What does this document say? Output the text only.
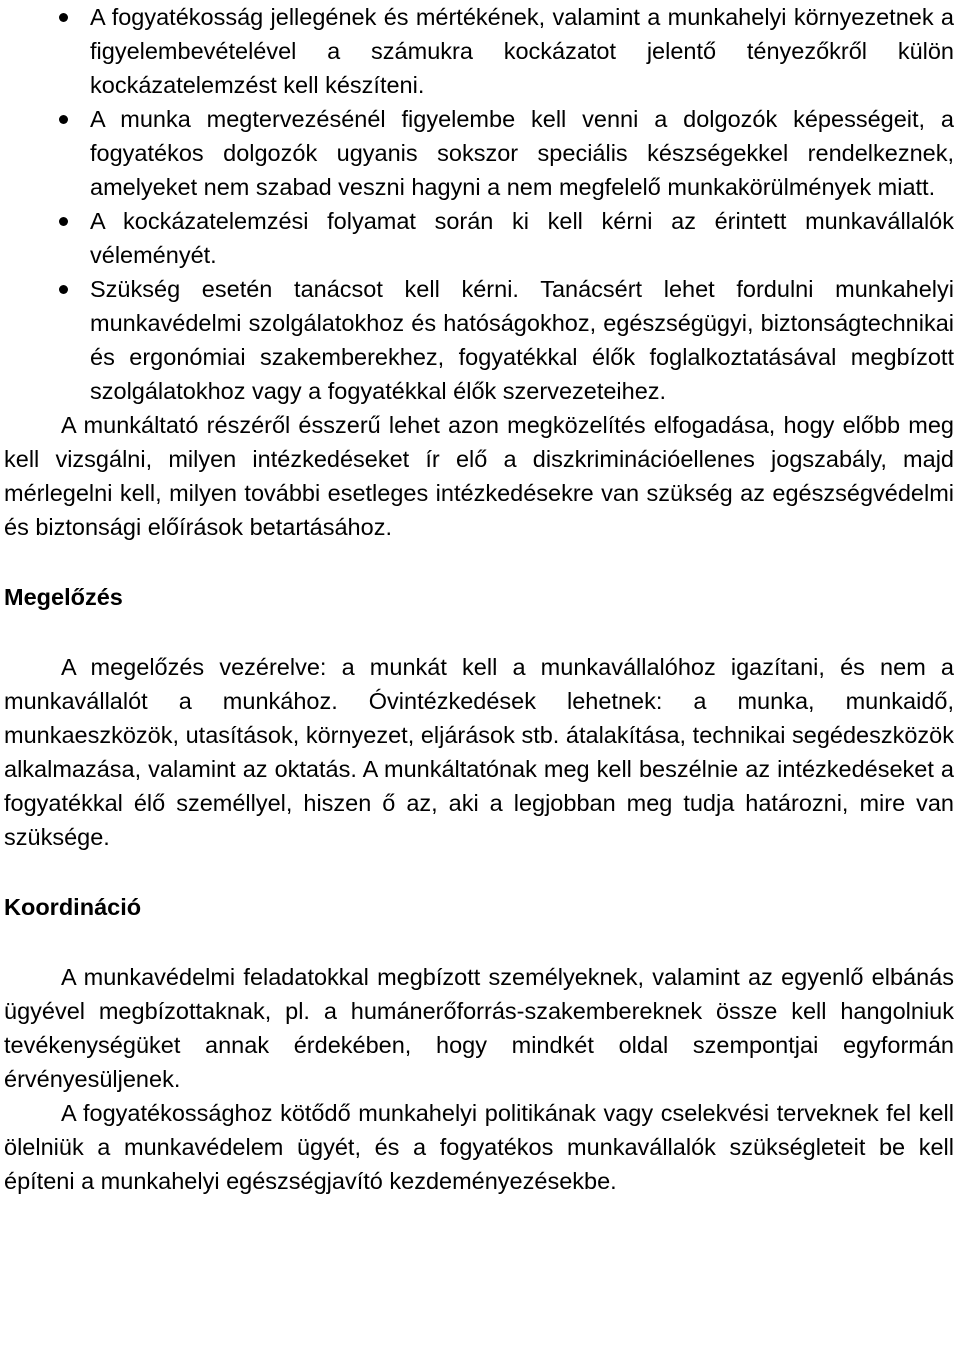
A fogyatékosság jellegének és mértékének, valamint a munkahelyi környezetnek a figyelembevételével a számukra kockázatot jelentő tényezőkről külön kockázatelemzést kell készíteni.

A munka megtervezésénél figyelembe kell venni a dolgozók képességeit, a fogyatékos dolgozók ugyanis sokszor speciális készségekkel rendelkeznek, amelyeket nem szabad veszni hagyni a nem megfelelő munkakörülmények miatt.

A kockázatelemzési folyamat során ki kell kérni az érintett munkavállalók véleményét.

Szükség esetén tanácsot kell kérni. Tanácsért lehet fordulni munkahelyi munkavédelmi szolgálatokhoz és hatóságokhoz, egészségügyi, biztonságtechnikai és ergonómiai szakemberekhez, fogyatékkal élők foglalkoztatásával megbízott szolgálatokhoz vagy a fogyatékkal élők szervezeteihez.

A munkáltató részéről ésszerű lehet azon megközelítés elfogadása, hogy előbb meg kell vizsgálni, milyen intézkedéseket ír elő a diszkriminációellenes jogszabály, majd mérlegelni kell, milyen további esetleges intézkedésekre van szükség az egészségvédelmi és biztonsági előírások betartásához.

Megelőzés

A megelőzés vezérelve: a munkát kell a munkavállalóhoz igazítani, és nem a munkavállalót a munkához. Óvintézkedések lehetnek: a munka, munkaidő, munkaeszközök, utasítások, környezet, eljárások stb. átalakítása, technikai segédeszközök alkalmazása, valamint az oktatás. A munkáltatónak meg kell beszélnie az intézkedéseket a fogyatékkal élő személlyel, hiszen ő az, aki a legjobban meg tudja határozni, mire van szüksége.

Koordináció

A munkavédelmi feladatokkal megbízott személyeknek, valamint az egyenlő elbánás ügyével megbízottaknak, pl. a humánerőforrás-szakembereknek össze kell hangolniuk tevékenységüket annak érdekében, hogy mindkét oldal szempontjai egyformán érvényesüljenek.

A fogyatékossághoz kötődő munkahelyi politikának vagy cselekvési terveknek fel kell ölelniük a munkavédelem ügyét, és a fogyatékos munkavállalók szükségleteit be kell építeni a munkahelyi egészségjavító kezdeményezésekbe.
